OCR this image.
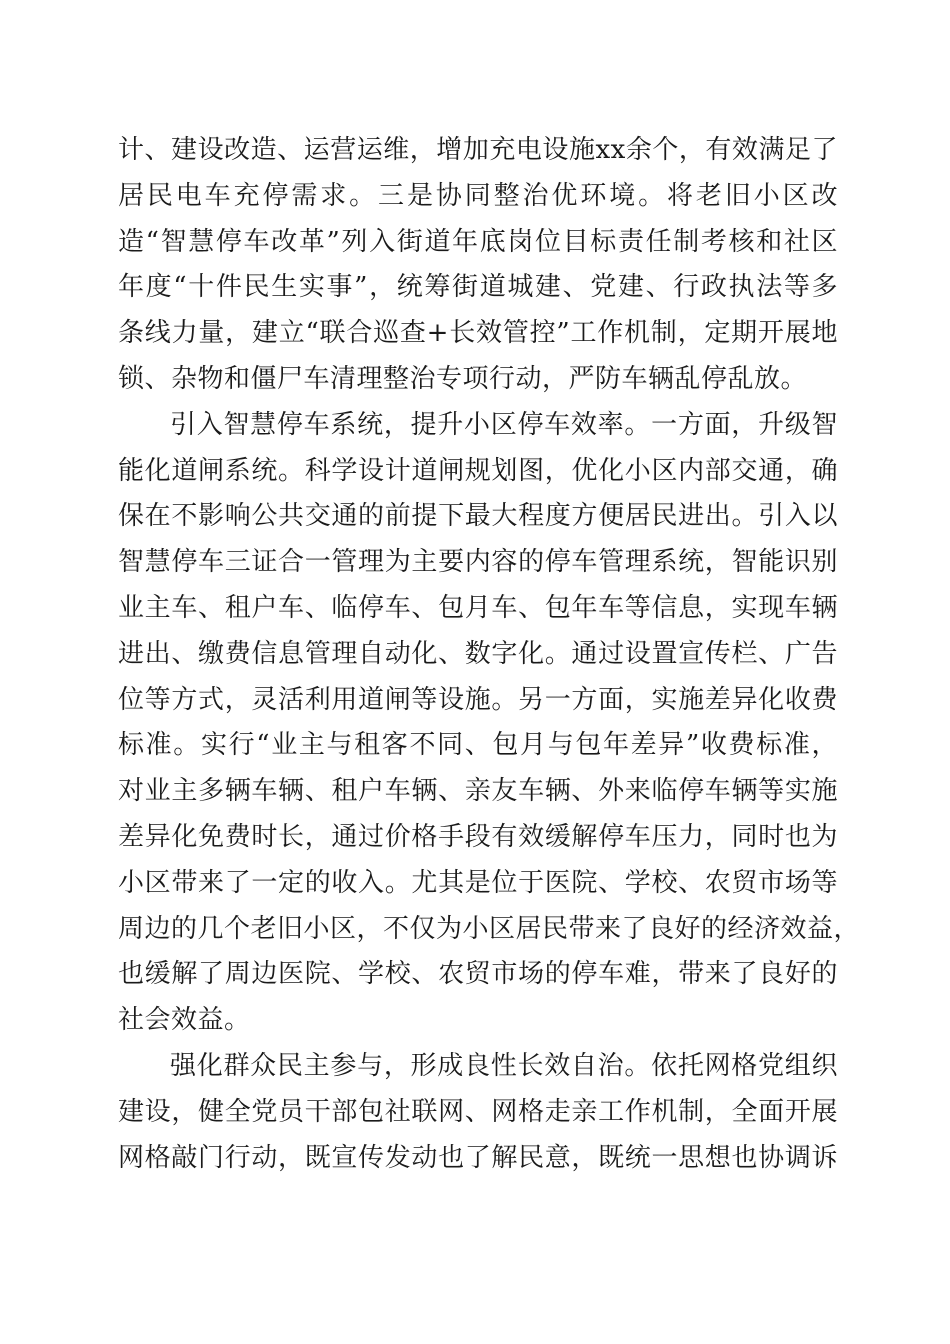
计、建设改造、运营运维，增加充电设施xx余个，有效满足了
居民电车充停需求。三是协同整治优环境。将老旧小区改
造“智慧停车改革”列入街道年底岗位目标责任制考核和社区
年度“十件民生实事”，统筹街道城建、党建、行政执法等多
条线力量，建立“联合巡查+长效管控”工作机制，定期开展地
锁、杂物和僵尸车清理整治专项行动，严防车辆乱停乱放。
引入智慧停车系统，提升小区停车效率。一方面，升级智
能化道闸系统。科学设计道闸规划图，优化小区内部交通，确
保在不影响公共交通的前提下最大程度方便居民进出。引入以
智慧停车三证合一管理为主要内容的停车管理系统，智能识别
业主车、租户车、临停车、包月车、包年车等信息，实现车辆
进出、缴费信息管理自动化、数字化。通过设置宣传栏、广告
位等方式，灵活利用道闸等设施。另一方面，实施差异化收费
标准。实行“业主与租客不同、包月与包年差异”收费标准，
对业主多辆车辆、租户车辆、亲友车辆、外来临停车辆等实施
差异化免费时长，通过价格手段有效缓解停车压力，同时也为
小区带来了一定的收入。尤其是位于医院、学校、农贸市场等
周边的几个老旧小区，不仅为小区居民带来了良好的经济效益，
也缓解了周边医院、学校、农贸市场的停车难，带来了良好的
社会效益。
强化群众民主参与，形成良性长效自治。依托网格党组织
建设，健全党员干部包社联网、网格走亲工作机制，全面开展
网格敲门行动，既宣传发动也了解民意，既统一思想也协调诉
